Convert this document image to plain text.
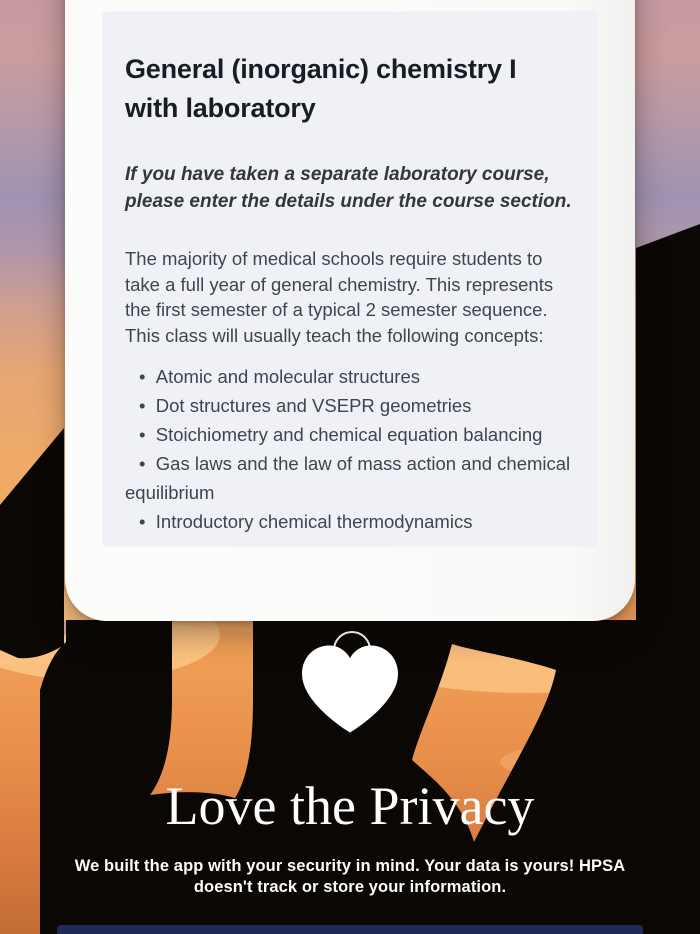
General (inorganic) chemistry I with laboratory
If you have taken a separate laboratory course, please enter the details under the course section.
The majority of medical schools require students to take a full year of general chemistry. This represents the first semester of a typical 2 semester sequence. This class will usually teach the following concepts:
•  Atomic and molecular structures
•  Dot structures and VSEPR geometries
•  Stoichiometry and chemical equation balancing
•  Gas laws and the law of mass action and chemical equilibrium
•  Introductory chemical thermodynamics
Love the Privacy
We built the app with your security in mind. Your data is yours! HPSA
doesn't track or store your information.
